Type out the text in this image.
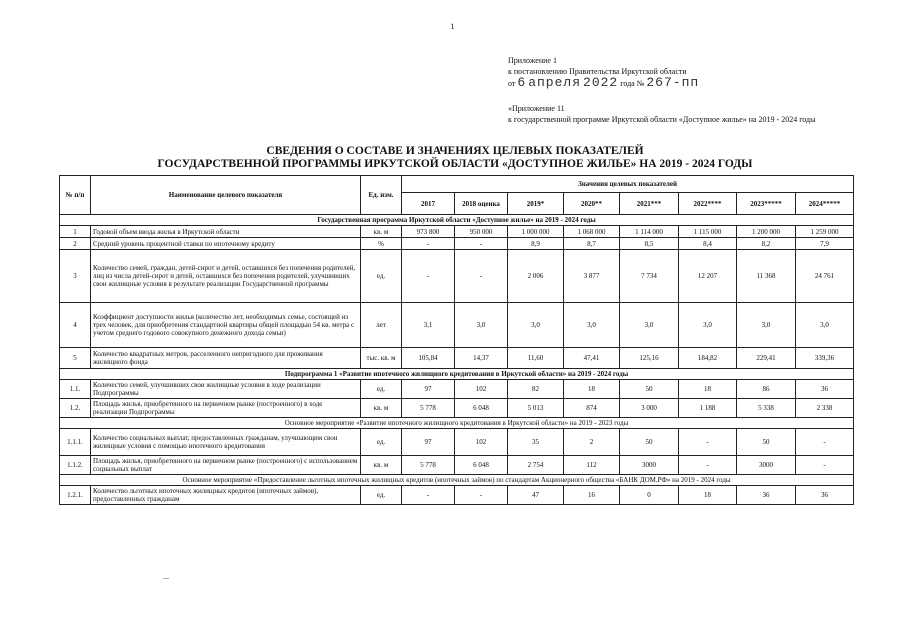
1
Приложение 1
к постановлению Правительства Иркутской области
от 6 апреля 2022 года № 267-пп
«Приложение 11
к государственной программе Иркутской области «Доступное жилье» на 2019 - 2024 годы
СВЕДЕНИЯ О СОСТАВЕ И ЗНАЧЕНИЯХ ЦЕЛЕВЫХ ПОКАЗАТЕЛЕЙ
ГОСУДАРСТВЕННОЙ ПРОГРАММЫ ИРКУТСКОЙ ОБЛАСТИ «ДОСТУПНОЕ ЖИЛЬЕ» НА 2019 - 2024 ГОДЫ
№ п/п	Наименование целевого показателя	Ед. изм.	Значения целевых показателей							
			2017	2018 оценка	2019*	2020**	2021***	2022****	2023*****	2024*****
Государственная программа Иркутской области «Доступное жилье» на 2019 - 2024 годы										
1	Годовой объем ввода жилья в Иркутской области	кв. м	973 800	950 000	1 000 000	1 068 000	1 114 000	1 115 000	1 200 000	1 259 000
2	Средний уровень процентной ставки по ипотечному кредиту	%	-	-	8,9	8,7	8,5	8,4	8,2	7,9
3	Количество семей, граждан, детей-сирот и детей, оставшихся без попечения родителей, лиц из числа детей-сирот и детей, оставшихся без попечения родителей, улучшивших свои жилищные условия в результате реализации Государственной программы	ед.	-	-	2 006	3 877	7 734	12 207	11 368	24 761
4	Коэффициент доступности жилья (количество лет, необходимых семье, состоящей из трех человек, для приобретения стандартной квартиры общей площадью 54 кв. метра с учетом среднего годового совокупного денежного дохода семьи)	лет	3,1	3,0	3,0	3,0	3,0	3,0	3,0	3,0
5	Количество квадратных метров, расселенного непригодного для проживания жилищного фонда	тыс. кв. м	105,84	14,37	11,60	47,41	125,16	184,82	229,41	339,36
Подпрограмма 1 «Развитие ипотечного жилищного кредитования в Иркутской области» на 2019 - 2024 годы										
1.1.	Количество семей, улучшивших свои жилищные условия в ходе реализации Подпрограммы	ед.	97	102	82	18	50	18	86	36
1.2.	Площадь жилья, приобретенного на первичном рынке (построенного) в ходе реализации Подпрограммы	кв. м	5 778	6 048	5 013	874	3 000	1 188	5 338	2 338
Основное мероприятие «Развитие ипотечного жилищного кредитования в Иркутской области» на 2019 - 2023 годы										
1.1.1.	Количество социальных выплат, предоставленных гражданам, улучшающим свои жилищные условия с помощью ипотечного кредитования	ед.	97	102	35	2	50	-	50	-
1.1.2.	Площадь жилья, приобретенного на первичном рынке (построенного) с использованием социальных выплат	кв. м	5 778	6 048	2 754	112	3000	-	3000	-
Основное мероприятие «Предоставление льготных ипотечных жилищных кредитов (ипотечных займов) по стандартам Акционерного общества «БАНК ДОМ.РФ» на 2019 - 2024 годы										
1.2.1.	Количество льготных ипотечных жилищных кредитов (ипотечных займов), предоставленных гражданам	ед.	-	-	47	16	0	18	36	36
